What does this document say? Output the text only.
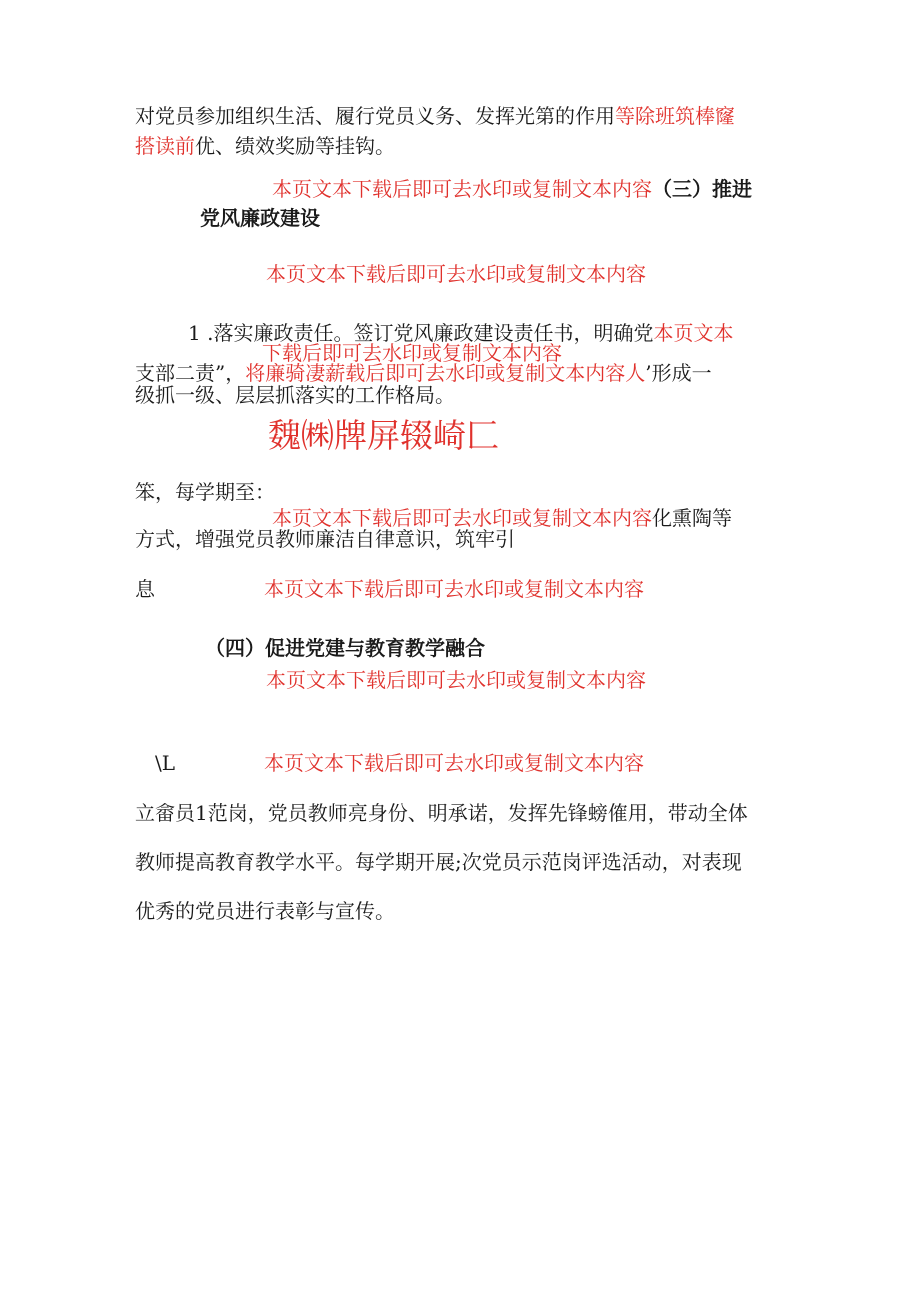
对党员参加组织生活、履行党员义务、发挥光第的作用等除班筑棒窿
搭读前优、绩效奖励等挂钩。
本页文本下载后即可去水印或复制文本内容（三）推进
党风廉政建设
本页文本下载后即可去水印或复制文本内容
1 .落实廉政责任。签订党风廉政建设责任书，明确党本页文本
下载后即可去水印或复制文本内容
支部二责”，将廉骑凄薪载后即可去水印或复制文本内容人’形成一
级抓一级、层层抓落实的工作格局。
魏㈱牌屏辍崎匚
笨，每学期至：
本页文本下载后即可去水印或复制文本内容化熏陶等
方式，增强党员教师廉洁自律意识，筑牢引
息	本页文本下载后即可去水印或复制文本内容
（四）促进党建与教育教学融合
本页文本下载后即可去水印或复制文本内容
\L	本页文本下载后即可去水印或复制文本内容
立畲员1范岗，党员教师亮身份、明承诺，发挥先锋螃傕用，带动全体
教师提高教育教学水平。每学期开展;次党员示范岗评选活动，对表现
优秀的党员进行表彰与宣传。
